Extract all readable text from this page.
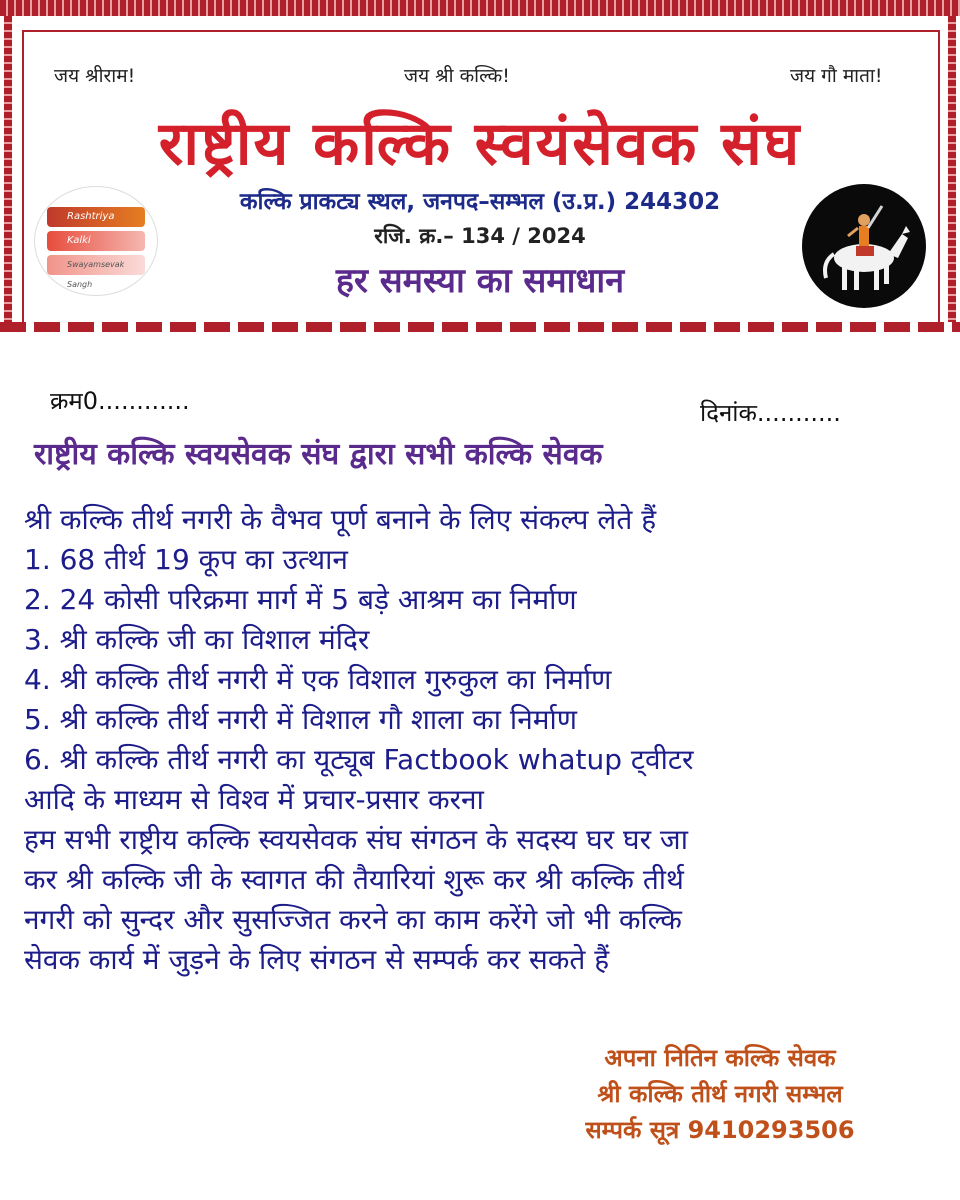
जय श्रीराम!	जय श्री कल्कि!	जय गौ माता!
राष्ट्रीय कल्कि स्वयंसेवक संघ
Rashtriya
Kalki
Swayamsevak Sangh
कल्कि प्राकट्य स्थल, जनपद–सम्भल (उ.प्र.) 244302
रजि. क्र.– 134 / 2024
हर समस्या का समाधान
क्रम0............	दिनांक...........
राष्ट्रीय कल्कि स्वयसेवक संघ द्वारा सभी कल्कि सेवक
श्री कल्कि तीर्थ नगरी के वैभव पूर्ण बनाने के लिए संकल्प लेते हैं
1. 68 तीर्थ 19 कूप का उत्थान
2. 24 कोसी परिक्रमा मार्ग में 5 बड़े आश्रम का निर्माण
3. श्री कल्कि जी का विशाल मंदिर
4. श्री कल्कि तीर्थ नगरी में एक विशाल गुरुकुल का निर्माण
5. श्री कल्कि तीर्थ नगरी में विशाल गौ शाला का निर्माण
6. श्री कल्कि तीर्थ नगरी का यूट्यूब Factbook whatup ट्वीटर
आदि के माध्यम से विश्व में प्रचार-प्रसार करना
हम सभी राष्ट्रीय कल्कि स्वयसेवक संघ संगठन के सदस्य घर घर जा
कर श्री कल्कि जी के स्वागत की तैयारियां शुरू कर श्री कल्कि तीर्थ
नगरी को सुन्दर और सुसज्जित करने का काम करेंगे जो भी कल्कि
सेवक कार्य में जुड़ने के लिए संगठन से सम्पर्क कर सकते हैं
अपना नितिन कल्कि सेवक
श्री कल्कि तीर्थ नगरी सम्भल
सम्पर्क सूत्र 9410293506
